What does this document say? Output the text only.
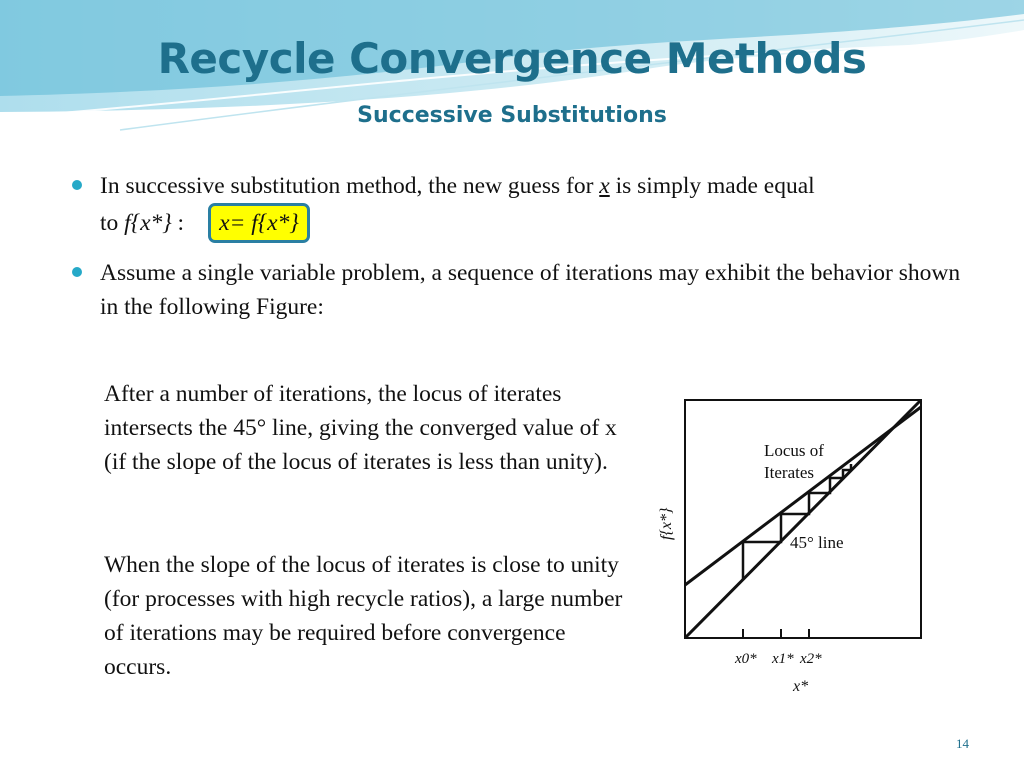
Recycle Convergence Methods
Successive Substitutions
In successive substitution method, the new guess for x is simply made equal
to f{x*} : x= f{x*}
Assume a single variable problem, a sequence of iterations may exhibit the behavior shown in the following Figure:
After a number of iterations, the locus of iterates intersects the 45° line, giving the converged value of x (if the slope of the locus of iterates is less than unity).
When the slope of the locus of iterates is close to unity (for processes with high recycle ratios), a large number of iterations may be required before convergence occurs.	x0* x1* x2*
x*
f{x*}
Locus of
Iterates
45° line
14
